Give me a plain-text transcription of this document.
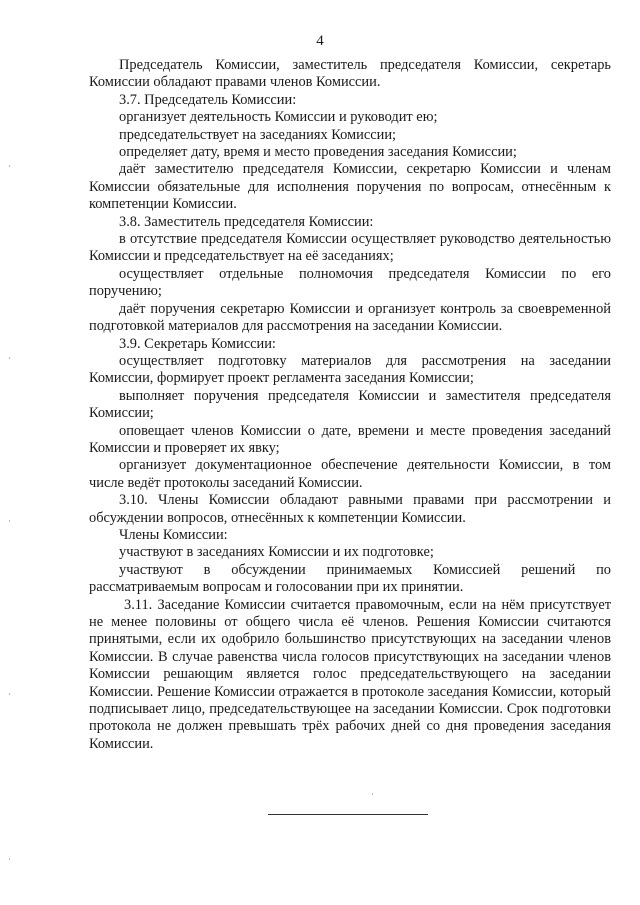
4

Председатель Комиссии, заместитель председателя Комиссии, секретарь Комиссии обладают правами членов Комиссии.

3.7. Председатель Комиссии:

организует деятельность Комиссии и руководит ею;

председательствует на заседаниях Комиссии;

определяет дату, время и место проведения заседания Комиссии;

даёт заместителю председателя Комиссии, секретарю Комиссии и членам Комиссии обязательные для исполнения поручения по вопросам, отнесённым к компетенции Комиссии.

3.8. Заместитель председателя Комиссии:

в отсутствие председателя Комиссии осуществляет руководство деятельностью Комиссии и председательствует на её заседаниях;

осуществляет отдельные полномочия председателя Комиссии по его поручению;

даёт поручения секретарю Комиссии и организует контроль за своевременной подготовкой материалов для рассмотрения на заседании Комиссии.

3.9. Секретарь Комиссии:

осуществляет подготовку материалов для рассмотрения на заседании Комиссии, формирует проект регламента заседания Комиссии;

выполняет поручения председателя Комиссии и заместителя председателя Комиссии;

оповещает членов Комиссии о дате, времени и месте проведения заседаний Комиссии и проверяет их явку;

организует документационное обеспечение деятельности Комиссии, в том числе ведёт протоколы заседаний Комиссии.

3.10. Члены Комиссии обладают равными правами при рассмотрении и обсуждении вопросов, отнесённых к компетенции Комиссии.

Члены Комиссии:

участвуют в заседаниях Комиссии и их подготовке;

участвуют в обсуждении принимаемых Комиссией решений по рассматриваемым вопросам и голосовании при их принятии.

3.11. Заседание Комиссии считается правомочным, если на нём присутствует не менее половины от общего числа её членов. Решения Комиссии считаются принятыми, если их одобрило большинство присутствующих на заседании членов Комиссии. В случае равенства числа голосов присутствующих на заседании членов Комиссии решающим является голос председательствующего на заседании Комиссии. Решение Комиссии отражается в протоколе заседания Комиссии, который подписывает лицо, председательствующее на заседании Комиссии. Срок подготовки протокола не должен превышать трёх рабочих дней со дня проведения заседания Комиссии.
